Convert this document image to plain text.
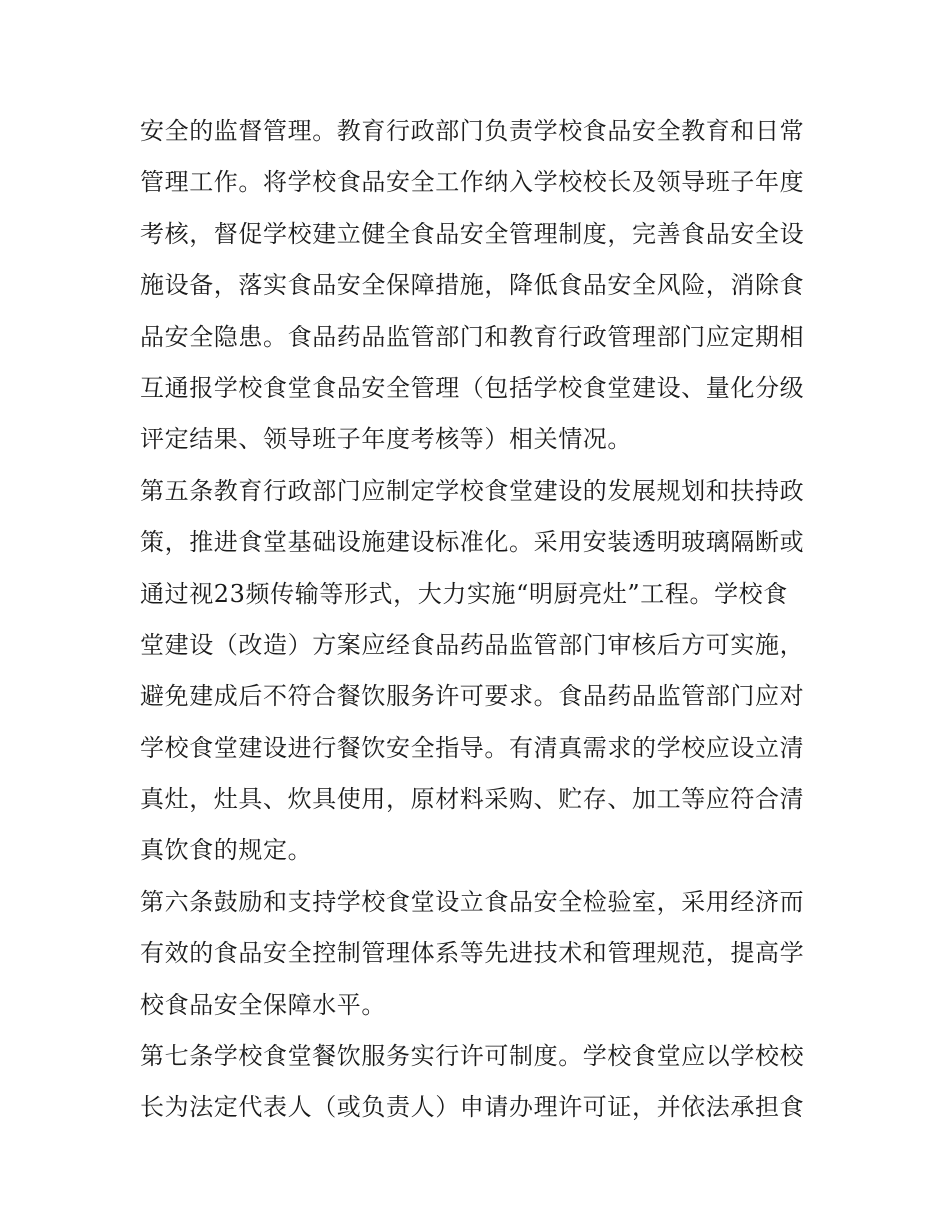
安全的监督管理。教育行政部门负责学校食品安全教育和日常
管理工作。将学校食品安全工作纳入学校校长及领导班子年度
考核，督促学校建立健全食品安全管理制度，完善食品安全设
施设备，落实食品安全保障措施，降低食品安全风险，消除食
品安全隐患。食品药品监管部门和教育行政管理部门应定期相
互通报学校食堂食品安全管理（包括学校食堂建设、量化分级
评定结果、领导班子年度考核等）相关情况。
第五条教育行政部门应制定学校食堂建设的发展规划和扶持政
策，推进食堂基础设施建设标准化。采用安装透明玻璃隔断或
通过视23频传输等形式，大力实施“明厨亮灶”工程。学校食
堂建设（改造）方案应经食品药品监管部门审核后方可实施，
避免建成后不符合餐饮服务许可要求。食品药品监管部门应对
学校食堂建设进行餐饮安全指导。有清真需求的学校应设立清
真灶，灶具、炊具使用，原材料采购、贮存、加工等应符合清
真饮食的规定。
第六条鼓励和支持学校食堂设立食品安全检验室，采用经济而
有效的食品安全控制管理体系等先进技术和管理规范，提高学
校食品安全保障水平。
第七条学校食堂餐饮服务实行许可制度。学校食堂应以学校校
长为法定代表人（或负责人）申请办理许可证，并依法承担食
